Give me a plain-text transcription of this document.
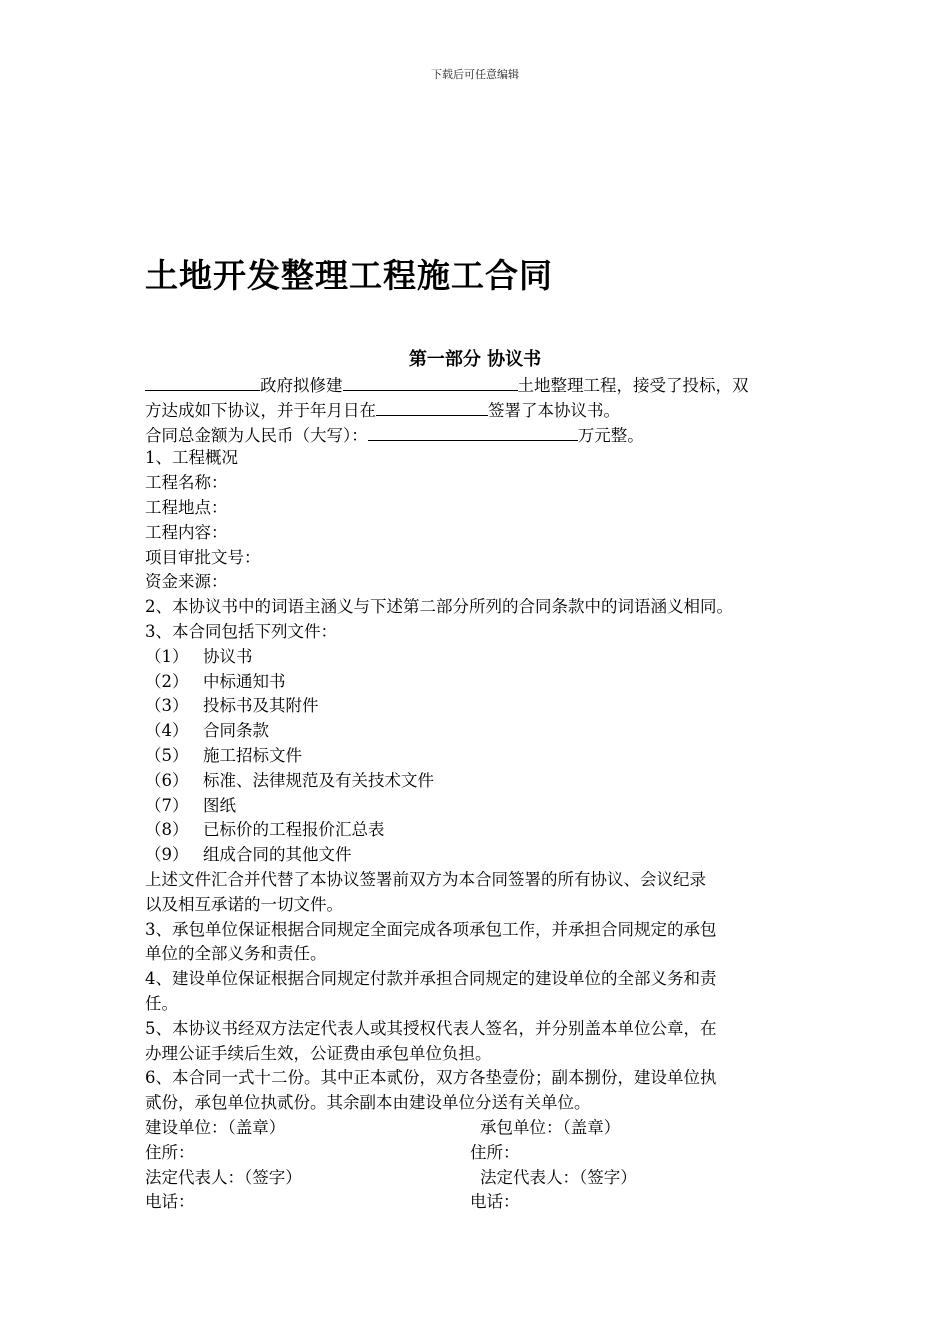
下载后可任意编辑
土地开发整理工程施工合同
第一部分 协议书
政府拟修建	土地整理工程，接受了投标，双
方达成如下协议，并于年月日在	签署了本协议书。
合同总金额为人民币（大写）：	万元整。
1、工程概况
工程名称：
工程地点：
工程内容：
项目审批文号：
资金来源：
2、本协议书中的词语主涵义与下述第二部分所列的合同条款中的词语涵义相同。
3、本合同包括下列文件：
（1） 协议书
（2） 中标通知书
（3） 投标书及其附件
（4） 合同条款
（5） 施工招标文件
（6） 标准、法律规范及有关技术文件
（7） 图纸
（8） 已标价的工程报价汇总表
（9） 组成合同的其他文件
上述文件汇合并代替了本协议签署前双方为本合同签署的所有协议、会议纪录
以及相互承诺的一切文件。
3、承包单位保证根据合同规定全面完成各项承包工作，并承担合同规定的承包
单位的全部义务和责任。
4、建设单位保证根据合同规定付款并承担合同规定的建设单位的全部义务和责
任。
5、本协议书经双方法定代表人或其授权代表人签名，并分别盖本单位公章，在
办理公证手续后生效，公证费由承包单位负担。
6、本合同一式十二份。其中正本贰份，双方各垫壹份；副本捌份，建设单位执
贰份，承包单位执贰份。其余副本由建设单位分送有关单位。
建设单位：（盖章）	承包单位：（盖章）
住所：	住所：
法定代表人：（签字）	法定代表人：（签字）
电话：	电话：
